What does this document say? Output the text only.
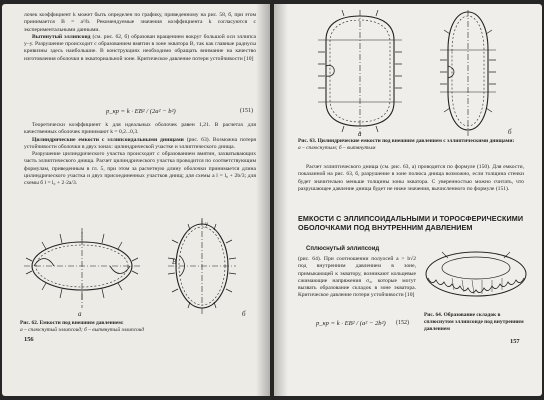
лочек коэффициент k может быть определен по графику, приведенному на рис. 58, б, при этом принимается B = a²/b. Рекомендуемые значения коэффициента k согласуются с экспериментальными данными.

Вытянутый эллипсоид (см. рис. 62, б) образован вращением вокруг большой оси эллипса y–y. Разрушение происходит с образованием вмятин в зоне экватора B, так как главные радиусы кривизны здесь наибольшие. В конструкциях необходимо обращать внимание на качество изготовления оболочки в экваториальной зоне. Критическое давление потери устойчивости [10]

p_кр = k · EB² / (2a² − b²)	(151)

Теоретически коэффициент k для идеальных оболочек равен 1,21. В расчетах для качественных оболочек принимают k = 0,2...0,3.

Цилиндрические емкости с эллипсоидальными днищами (рис. 63). Возможна потеря устойчивости оболочки в двух зонах: цилиндрической участке и эллиптического днища.

Разрушение цилиндрического участка происходит с образованием вмятин, захватывающих часть эллиптического днища. Расчет цилиндрического участка проводится по соответствующим формулам, приведенным в гл. 5, при этом за расчетную длину оболочки принимается длина цилиндрического участка и двух присоединенных участков днищ; для схемы а l = l₀ + 2b/3; для схемы б l = l₀ + 2·2a/3.

а	б
y
B
Рис. 62. Емкости под внешним давлением:
а – сплюснутый эллипсоид; б – вытянутый эллипсоид
156
а	б
Рис. 63. Цилиндрические емкости под внешним давлением с эллиптическими днищами:
а – сплюснутым; б – вытянутым

Расчет эллиптического днища (см. рис. 63, а) проводится по формуле (150). Для емкости, показанной на рис. 63, б, разрушение в зоне полюса днища возможно, если толщина стенки будет значительно меньше толщины зоны экватора. С уверенностью можно считать, что разрушающее давление днища будет не ниже значения, вычисленного по формуле (151).

ЕМКОСТИ С ЭЛЛИПСОИДАЛЬНЫМИ И ТОРОСФЕРИЧЕСКИМИ ОБОЛОЧКАМИ ПОД ВНУТРЕННИМ ДАВЛЕНИЕМ
Сплюснутый эллипсоид

(рис. 64). При соотношении полуосей a > b√2 под внутренним давлением в зоне, примыкающей к экватору, возникают кольцевые сжимающие напряжения σ₂, которые могут вызвать образование складок в зоне экватора. Критическое давление потери устойчивости [10]

p_кр = k · EB² / (a² − 2b²) (152)
Рис. 64. Образование складок в сплюснутом эллипсоиде под внутренним давлением
157
